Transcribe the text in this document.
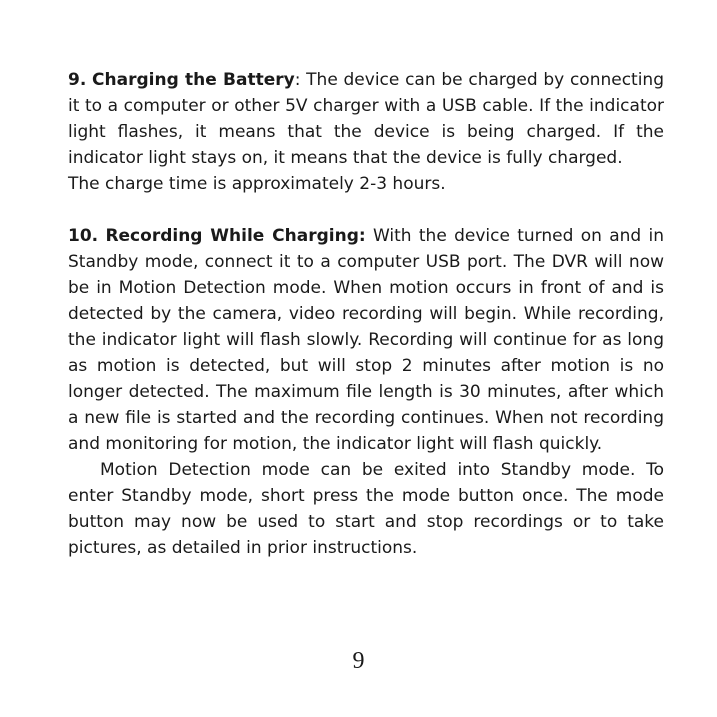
9. Charging the Battery: The device can be charged by connecting it to a computer or other 5V charger with a USB cable. If the indicator light flashes, it means that the device is being charged. If the indicator light stays on, it means that the device is fully charged.

The charge time is approximately 2-3 hours.

10. Recording While Charging: With the device turned on and in Standby mode, connect it to a computer USB port. The DVR will now be in Motion Detection mode. When motion occurs in front of and is detected by the camera, video recording will begin. While recording, the indicator light will flash slowly. Recording will continue for as long as motion is detected, but will stop 2 minutes after motion is no longer detected. The maximum file length is 30 minutes, after which a new file is started and the recording continues. When not recording and monitoring for motion, the indicator light will flash quickly.

Motion Detection mode can be exited into Standby mode. To enter Standby mode, short press the mode button once. The mode button may now be used to start and stop recordings or to take pictures, as detailed in prior instructions.

9
